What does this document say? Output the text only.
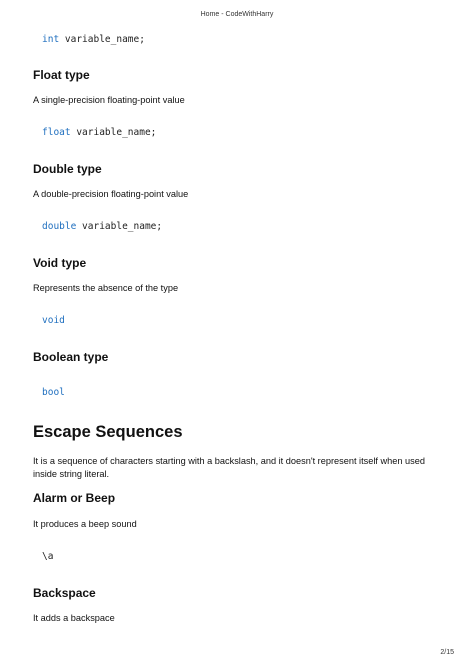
Home - CodeWithHarry
int variable_name;
Float type
A single-precision floating-point value
float variable_name;
Double type
A double-precision floating-point value
double variable_name;
Void type
Represents the absence of the type
void
Boolean type
bool
Escape Sequences
It is a sequence of characters starting with a backslash, and it doesn't represent itself when used inside string literal.
Alarm or Beep
It produces a beep sound
\a
Backspace
It adds a backspace
2/15
